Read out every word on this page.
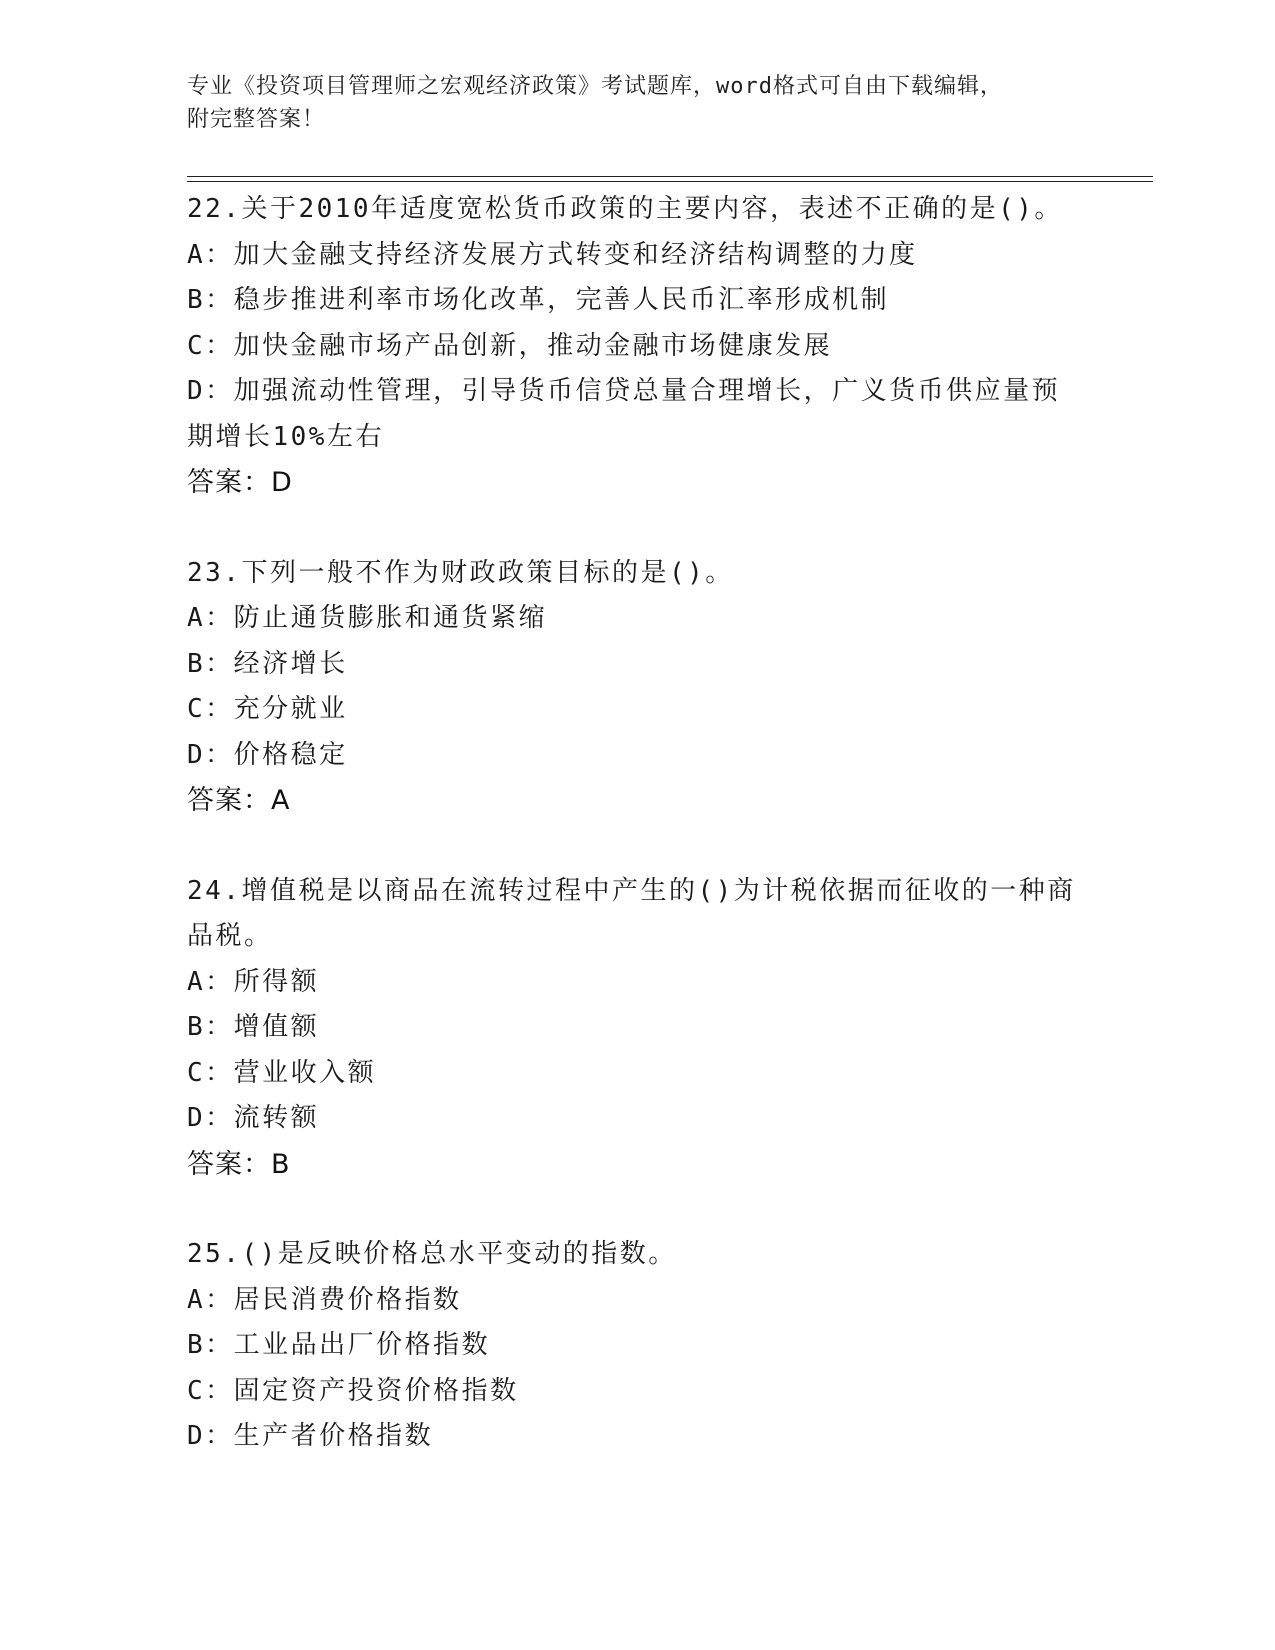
专业《投资项目管理师之宏观经济政策》考试题库，word格式可自由下载编辑，
附完整答案！
22.关于2010年适度宽松货币政策的主要内容，表述不正确的是()。
A：加大金融支持经济发展方式转变和经济结构调整的力度
B：稳步推进利率市场化改革，完善人民币汇率形成机制
C：加快金融市场产品创新，推动金融市场健康发展
D：加强流动性管理，引导货币信贷总量合理增长，广义货币供应量预
期增长10%左右
答案：D
23.下列一般不作为财政政策目标的是()。
A：防止通货膨胀和通货紧缩
B：经济增长
C：充分就业
D：价格稳定
答案：A
24.增值税是以商品在流转过程中产生的()为计税依据而征收的一种商
品税。
A：所得额
B：增值额
C：营业收入额
D：流转额
答案：B
25.()是反映价格总水平变动的指数。
A：居民消费价格指数
B：工业品出厂价格指数
C：固定资产投资价格指数
D：生产者价格指数
